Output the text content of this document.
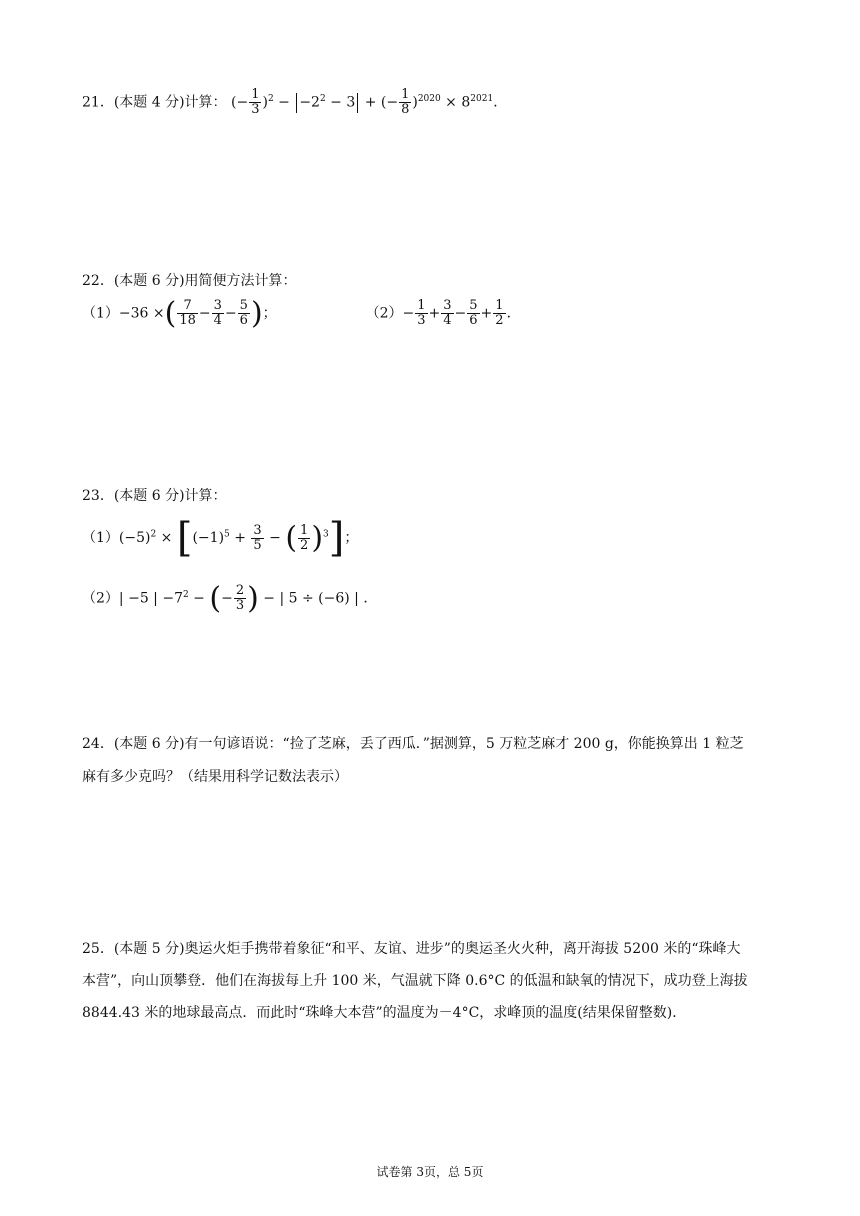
21．(本题 4 分)计算： (− $\frac{1}{3} )^2 - -2^2 - 3$ + (− $\frac{1}{8} )^{2020} \times 8^{2021}$．
22．(本题 6 分)用简便方法计算：
（1）−36 ×( $\frac{7}{18} - \frac{3}{4} - \frac{5}{6}$ )；	$(2)- \frac{1}{3} + \frac{3}{4} - \frac{5}{6} + \frac{1}{2}$ ．
23．(本题 6 分)计算：
$(1)(-5)^2 \times [(-1)^5 + \frac{3}{5}$ − ( $\frac{1}{2} )^3$]；
（2）| −5 | $-7^2$ − (− $\frac{2}{3}$ ) − | 5 ÷ (−6) | ．
24．(本题 6 分)有一句谚语说：“捡了芝麻，丢了西瓜．”据测算，5 万粒芝麻才 200 g，你能换算出 1 粒芝
麻有多少克吗？（结果用科学记数法表示）
25．(本题 5 分)奥运火炬手携带着象征“和平、友谊、进步”的奥运圣火火种，离开海拔 5200 米的“珠峰大
本营”，向山顶攀登．他们在海拔每上升 100 米，气温就下降 0.6°C 的低温和缺氧的情况下，成功登上海拔
8844.43 米的地球最高点．而此时“珠峰大本营”的温度为－4°C，求峰顶的温度(结果保留整数)．
试卷第 3页，总 5页
